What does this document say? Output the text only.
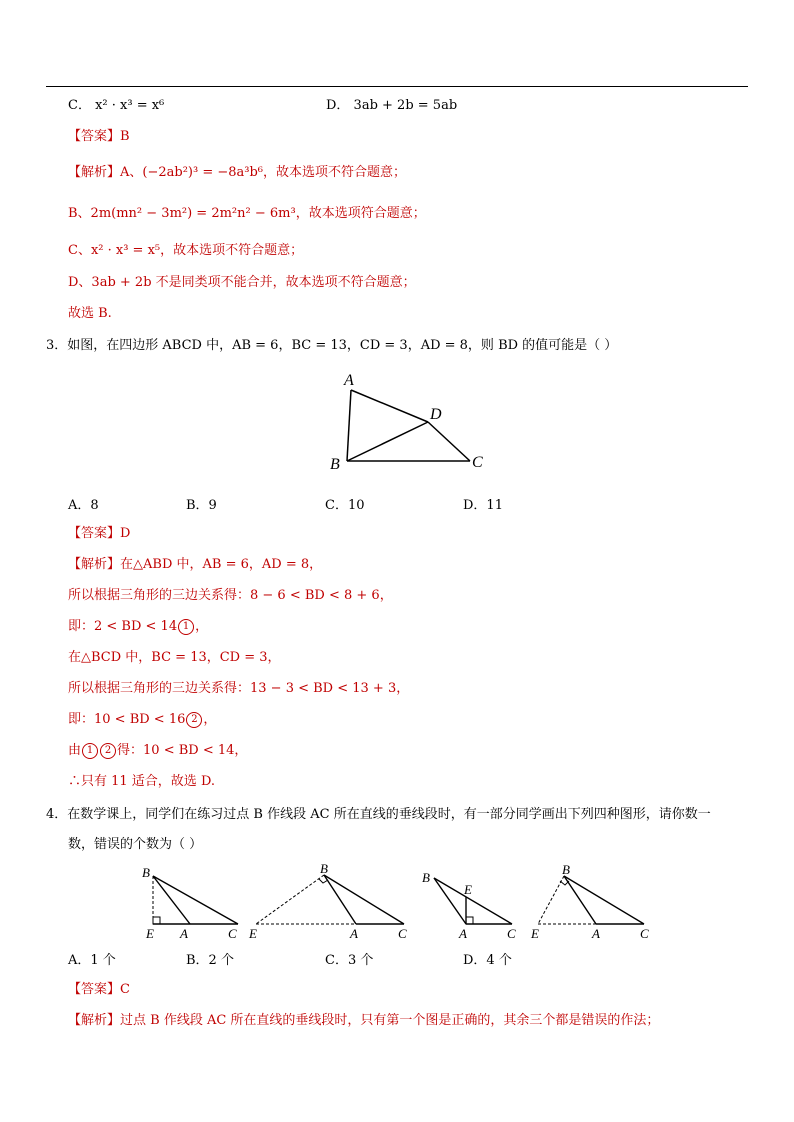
C． x² · x³ = x⁶	D． 3ab + 2b = 5ab
【答案】B
【解析】A、(−2ab²)³ = −8a³b⁶，故本选项不符合题意；
B、2m(mn² − 3m²) = 2m²n² − 6m³，故本选项符合题意；
C、x² · x³ = x⁵，故本选项不符合题意；
D、3ab + 2b 不是同类项不能合并，故本选项不符合题意；
故选 B.
3．如图，在四边形 ABCD 中，AB = 6，BC = 13，CD = 3，AD = 8，则 BD 的值可能是（ ）
A
B	C
D
A．8	B．9	C．10	D．11
【答案】D
【解析】在△ABD 中，AB = 6，AD = 8，
所以根据三角形的三边关系得：8 − 6 < BD < 8 + 6，
即：2 < BD < 14 1 ，
在△BCD 中，BC = 13，CD = 3，
所以根据三角形的三边关系得：13 − 3 < BD < 13 + 3，
即：10 < BD < 16 2 ，
由 1 2 得：10 < BD < 14，
∴只有 11 适合，故选 D.
4．在数学课上，同学们在练习过点 B 作线段 AC 所在直线的垂线段时，有一部分同学画出下列四种图形，请你数一
数，错误的个数为（ ）
B
E A	C
B
E	A	C
B
E
A	C
B
E	A	C
A．1 个	B．2 个	C．3 个	D．4 个
【答案】C
【解析】过点 B 作线段 AC 所在直线的垂线段时，只有第一个图是正确的，其余三个都是错误的作法；
